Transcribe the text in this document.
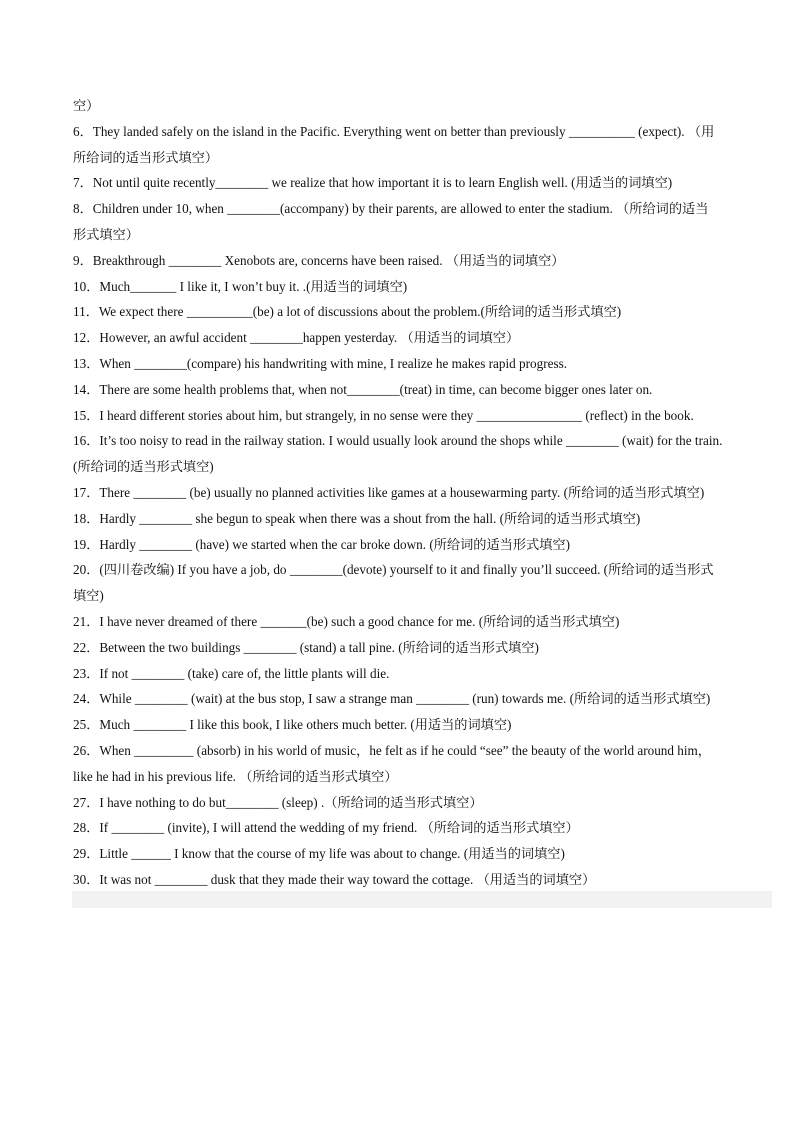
空）
6．They landed safely on the island in the Pacific. Everything went on better than previously __________ (expect). （用
所给词的适当形式填空）
7．Not until quite recently________ we realize that how important it is to learn English well. (用适当的词填空)
8．Children under 10, when ________(accompany) by their parents, are allowed to enter the stadium. （所给词的适当
形式填空）
9．Breakthrough ________ Xenobots are, concerns have been raised. （用适当的词填空）
10．Much_______ I like it, I won’t buy it. .(用适当的词填空)
11．We expect there __________(be) a lot of discussions about the problem.(所给词的适当形式填空)
12．However, an awful accident ________happen yesterday. （用适当的词填空）
13．When ________(compare) his handwriting with mine, I realize he makes rapid progress.
14．There are some health problems that, when not________(treat) in time, can become bigger ones later on.
15．I heard different stories about him, but strangely, in no sense were they ________________ (reflect) in the book.
16．It’s too noisy to read in the railway station. I would usually look around the shops while ________ (wait) for the train.
(所给词的适当形式填空)
17．There ________ (be) usually no planned activities like games at a housewarming party. (所给词的适当形式填空)
18．Hardly ________ she begun to speak when there was a shout from the hall. (所给词的适当形式填空)
19．Hardly ________ (have) we started when the car broke down. (所给词的适当形式填空)
20．(四川卷改编) If you have a job, do ________(devote) yourself to it and finally you’ll succeed. (所给词的适当形式
填空)
21．I have never dreamed of there _______(be) such a good chance for me. (所给词的适当形式填空)
22．Between the two buildings ________ (stand) a tall pine. (所给词的适当形式填空)
23．If not ________ (take) care of, the little plants will die.
24．While ________ (wait) at the bus stop, I saw a strange man ________ (run) towards me. (所给词的适当形式填空)
25．Much ________ I like this book, I like others much better. (用适当的词填空)
26．When _________ (absorb) in his world of music，he felt as if he could “see” the beauty of the world around him，
like he had in his previous life. （所给词的适当形式填空）
27．I have nothing to do but________ (sleep) .（所给词的适当形式填空）
28．If ________ (invite), I will attend the wedding of my friend. （所给词的适当形式填空）
29．Little ______ I know that the course of my life was about to change. (用适当的词填空)
30．It was not ________ dusk that they made their way toward the cottage. （用适当的词填空）
